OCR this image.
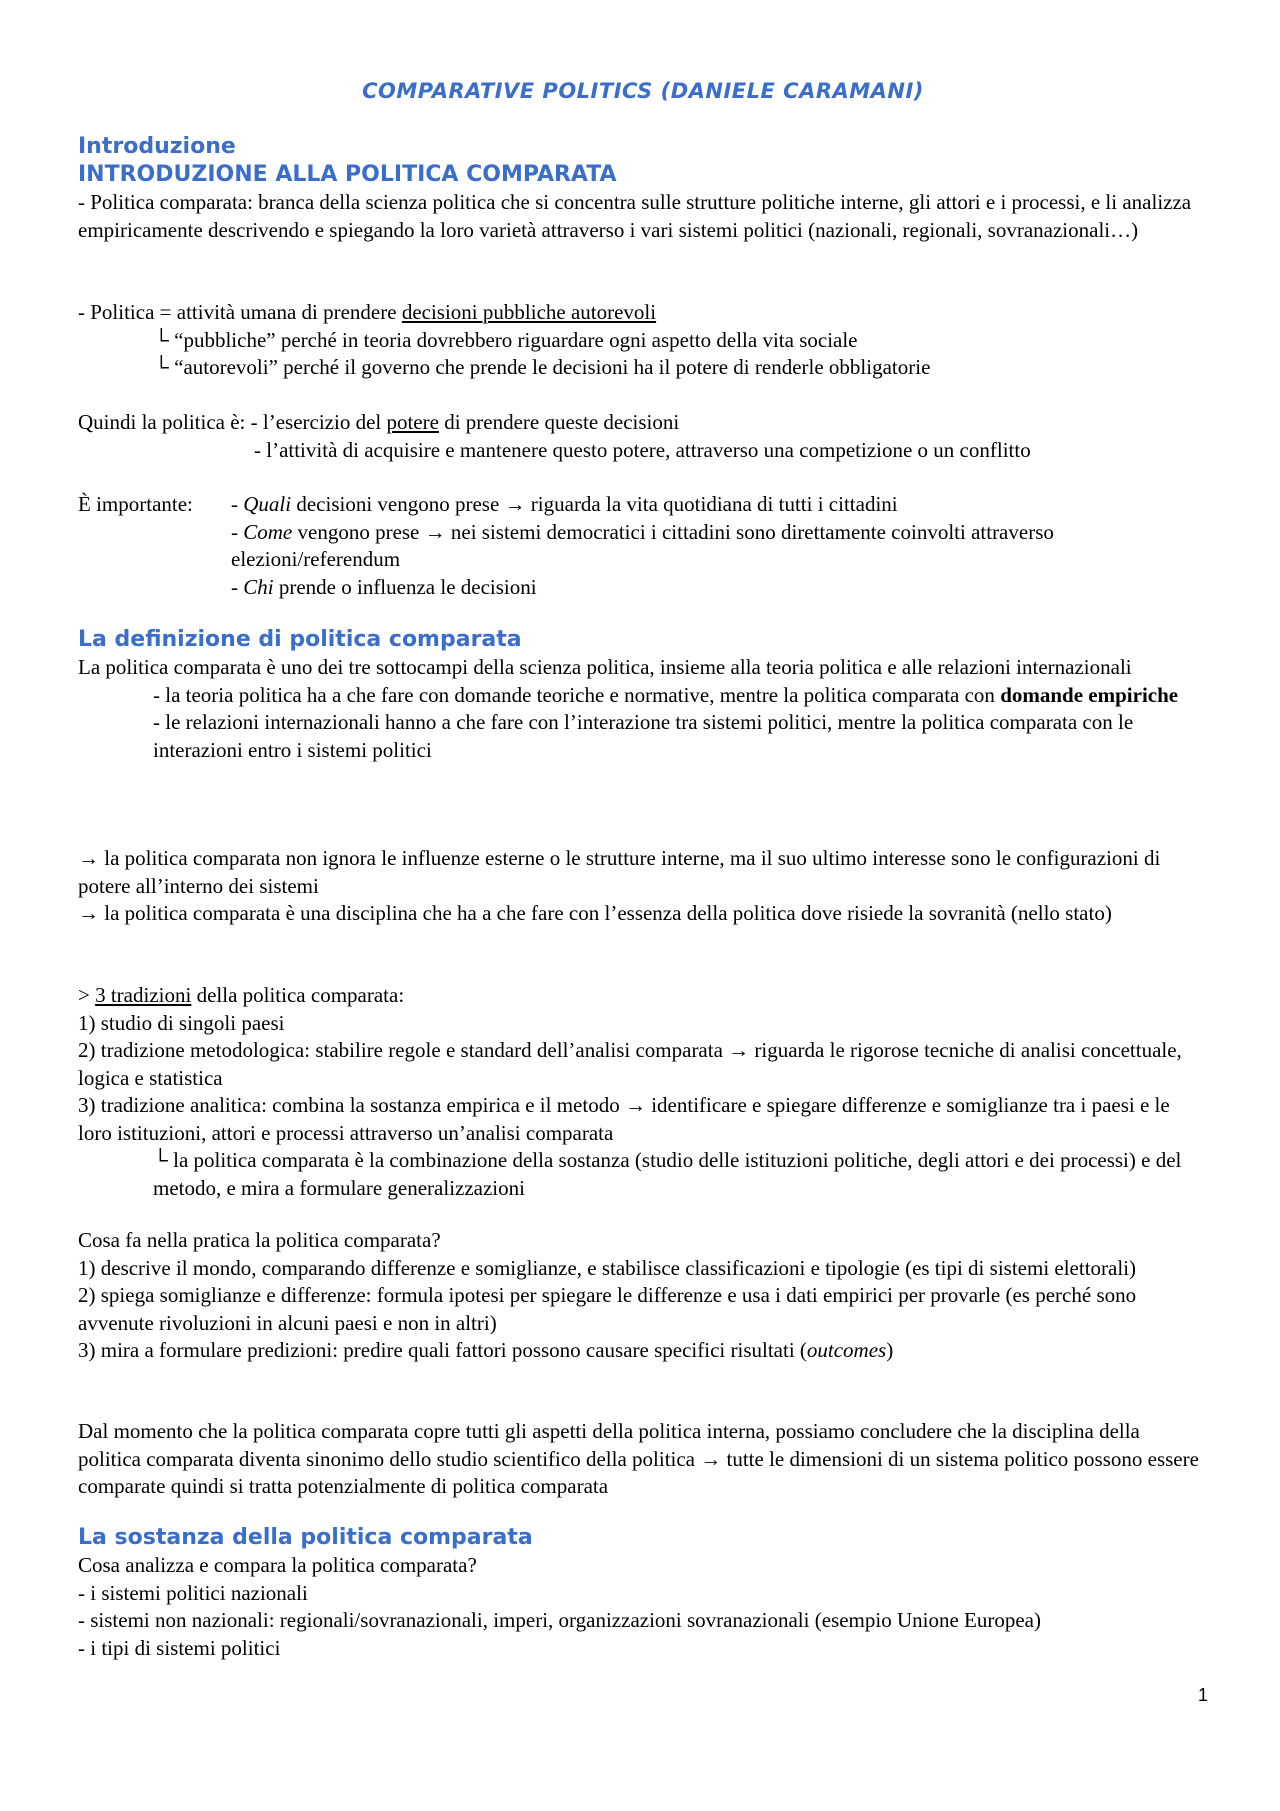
COMPARATIVE POLITICS (DANIELE CARAMANI)
Introduzione
INTRODUZIONE ALLA POLITICA COMPARATA

- Politica comparata: branca della scienza politica che si concentra sulle strutture politiche interne, gli attori e i processi, e li analizza empiricamente descrivendo e spiegando la loro varietà attraverso i vari sistemi politici (nazionali, regionali, sovranazionali…)

- Politica = attività umana di prendere decisioni pubbliche autorevoli

└ “pubbliche” perché in teoria dovrebbero riguardare ogni aspetto della vita sociale

└ “autorevoli” perché il governo che prende le decisioni ha il potere di renderle obbligatorie

Quindi la politica è: - l’esercizio del potere di prendere queste decisioni

- l’attività di acquisire e mantenere questo potere, attraverso una competizione o un conflitto

È importante:	- Quali decisioni vengono prese → riguarda la vita quotidiana di tutti i cittadini

- Come vengono prese → nei sistemi democratici i cittadini sono direttamente coinvolti attraverso elezioni/referendum

- Chi prende o influenza le decisioni

La definizione di politica comparata

La politica comparata è uno dei tre sottocampi della scienza politica, insieme alla teoria politica e alle relazioni internazionali

- la teoria politica ha a che fare con domande teoriche e normative, mentre la politica comparata con domande empiriche

- le relazioni internazionali hanno a che fare con l’interazione tra sistemi politici, mentre la politica comparata con le interazioni entro i sistemi politici

→ la politica comparata non ignora le influenze esterne o le strutture interne, ma il suo ultimo interesse sono le configurazioni di potere all’interno dei sistemi

→ la politica comparata è una disciplina che ha a che fare con l’essenza della politica dove risiede la sovranità (nello stato)

> 3 tradizioni della politica comparata:

1) studio di singoli paesi

2) tradizione metodologica: stabilire regole e standard dell’analisi comparata → riguarda le rigorose tecniche di analisi concettuale, logica e statistica

3) tradizione analitica: combina la sostanza empirica e il metodo → identificare e spiegare differenze e somiglianze tra i paesi e le loro istituzioni, attori e processi attraverso un’analisi comparata

└ la politica comparata è la combinazione della sostanza (studio delle istituzioni politiche, degli attori e dei processi) e del metodo, e mira a formulare generalizzazioni

Cosa fa nella pratica la politica comparata?

1) descrive il mondo, comparando differenze e somiglianze, e stabilisce classificazioni e tipologie (es tipi di sistemi elettorali)

2) spiega somiglianze e differenze: formula ipotesi per spiegare le differenze e usa i dati empirici per provarle (es perché sono avvenute rivoluzioni in alcuni paesi e non in altri)

3) mira a formulare predizioni: predire quali fattori possono causare specifici risultati (outcomes)

Dal momento che la politica comparata copre tutti gli aspetti della politica interna, possiamo concludere che la disciplina della politica comparata diventa sinonimo dello studio scientifico della politica → tutte le dimensioni di un sistema politico possono essere comparate quindi si tratta potenzialmente di politica comparata

La sostanza della politica comparata

Cosa analizza e compara la politica comparata?

- i sistemi politici nazionali

- sistemi non nazionali: regionali/sovranazionali, imperi, organizzazioni sovranazionali (esempio Unione Europea)

- i tipi di sistemi politici

1
